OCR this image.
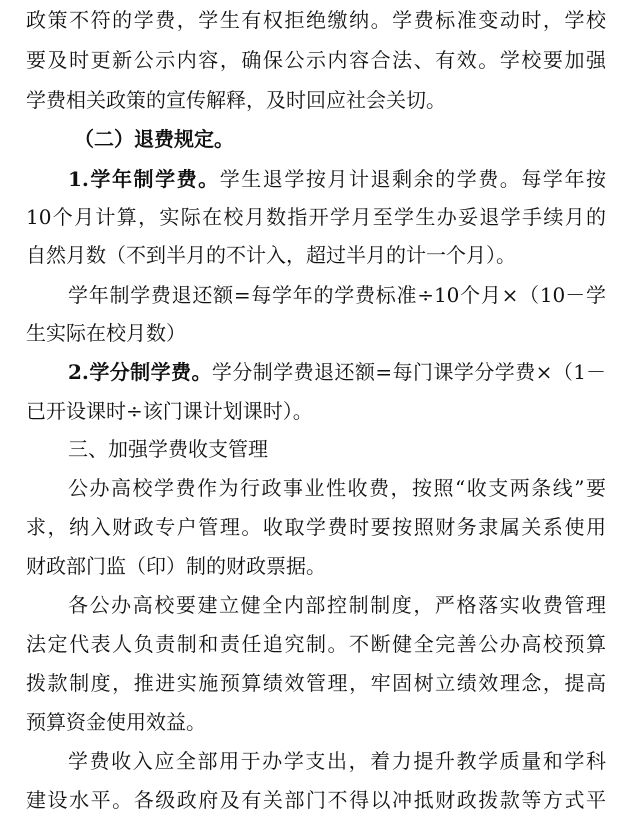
政策不符的学费，学生有权拒绝缴纳。学费标准变动时，学校
要及时更新公示内容，确保公示内容合法、有效。学校要加强
学费相关政策的宣传解释，及时回应社会关切。
（二）退费规定。
1.学年制学费。学生退学按月计退剩余的学费。每学年按
10个月计算，实际在校月数指开学月至学生办妥退学手续月的
自然月数（不到半月的不计入，超过半月的计一个月）。
学年制学费退还额=每学年的学费标准÷10个月×（10－学
生实际在校月数）
2.学分制学费。学分制学费退还额=每门课学分学费×（1－
已开设课时÷该门课计划课时）。
三、加强学费收支管理
公办高校学费作为行政事业性收费，按照“收支两条线”要
求，纳入财政专户管理。收取学费时要按照财务隶属关系使用
财政部门监（印）制的财政票据。
各公办高校要建立健全内部控制制度，严格落实收费管理
法定代表人负责制和责任追究制。不断健全完善公办高校预算
拨款制度，推进实施预算绩效管理，牢固树立绩效理念，提高
预算资金使用效益。
学费收入应全部用于办学支出，着力提升教学质量和学科
建设水平。各级政府及有关部门不得以冲抵财政拨款等方式平
